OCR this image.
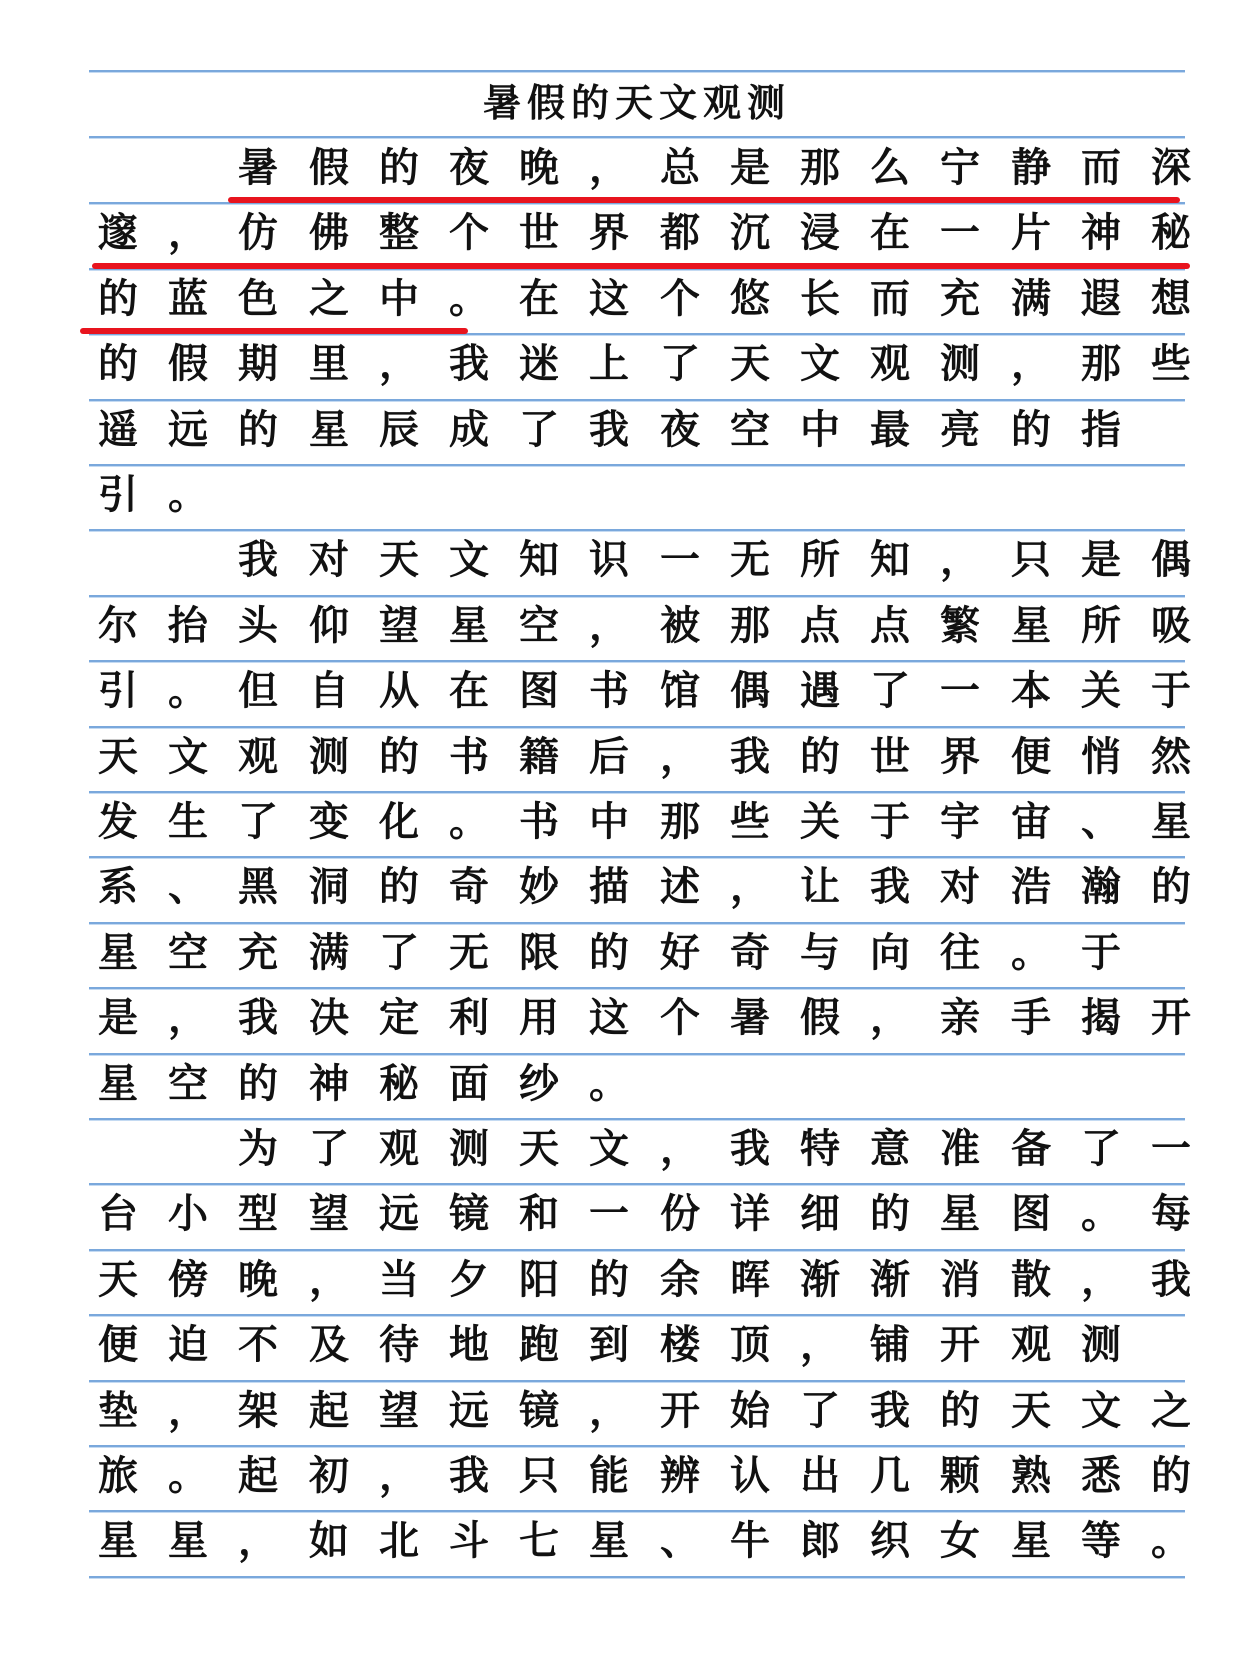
暑假的天文观测
暑 假 的 夜 晚 ， 总 是 那 么 宁 静 而 深
邃 ， 仿 佛 整 个 世 界 都 沉 浸 在 一 片 神 秘
的 蓝 色 之 中 。 在 这 个 悠 长 而 充 满 遐 想
的 假 期 里 ， 我 迷 上 了 天 文 观 测 ， 那 些
遥 远 的 星 辰 成 了 我 夜 空 中 最 亮 的 指
引 。
我 对 天 文 知 识 一 无 所 知 ， 只 是 偶
尔 抬 头 仰 望 星 空 ， 被 那 点 点 繁 星 所 吸
引 。 但 自 从 在 图 书 馆 偶 遇 了 一 本 关 于
天 文 观 测 的 书 籍 后 ， 我 的 世 界 便 悄 然
发 生 了 变 化 。 书 中 那 些 关 于 宇 宙 、 星
系 、 黑 洞 的 奇 妙 描 述 ， 让 我 对 浩 瀚 的
星 空 充 满 了 无 限 的 好 奇 与 向 往 。 于
是 ， 我 决 定 利 用 这 个 暑 假 ， 亲 手 揭 开
星 空 的 神 秘 面 纱 。
为 了 观 测 天 文 ， 我 特 意 准 备 了 一
台 小 型 望 远 镜 和 一 份 详 细 的 星 图 。 每
天 傍 晚 ， 当 夕 阳 的 余 晖 渐 渐 消 散 ， 我
便 迫 不 及 待 地 跑 到 楼 顶 ， 铺 开 观 测
垫 ， 架 起 望 远 镜 ， 开 始 了 我 的 天 文 之
旅 。 起 初 ， 我 只 能 辨 认 出 几 颗 熟 悉 的
星 星 ， 如 北 斗 七 星 、 牛 郎 织 女 星 等 。
